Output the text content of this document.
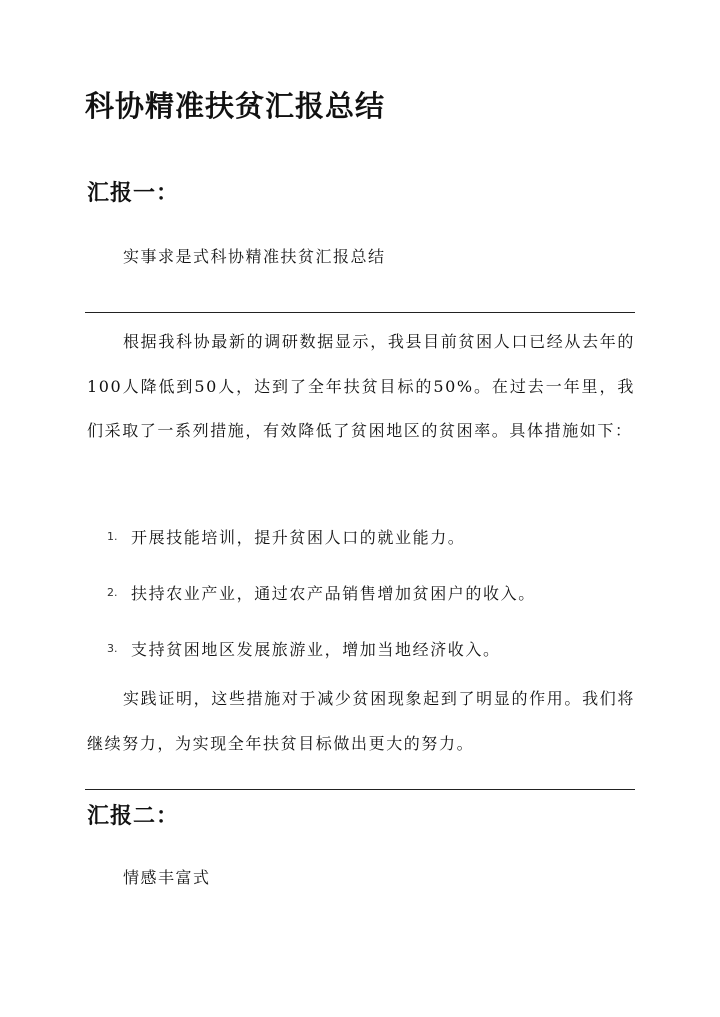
科协精准扶贫汇报总结
汇报一：

实事求是式科协精准扶贫汇报总结

根据我科协最新的调研数据显示，我县目前贫困人口已经从去年的100人降低到50人，达到了全年扶贫目标的50%。在过去一年里，我们采取了一系列措施，有效降低了贫困地区的贫困率。具体措施如下：

1. 开展技能培训，提升贫困人口的就业能力。
2. 扶持农业产业，通过农产品销售增加贫困户的收入。
3. 支持贫困地区发展旅游业，增加当地经济收入。

实践证明，这些措施对于减少贫困现象起到了明显的作用。我们将继续努力，为实现全年扶贫目标做出更大的努力。

汇报二：

情感丰富式
